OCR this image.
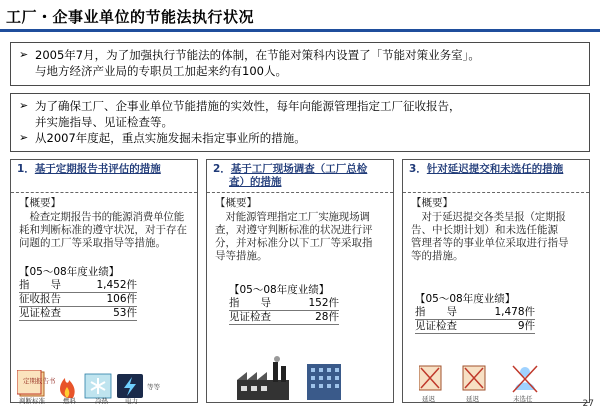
工厂・企事业单位的节能法执行状况
➢ 2005年7月，为了加强执行节能法的体制，在节能对策科内设置了「节能对策业务室」。
与地方经济产业局的专职员工加起来约有100人。
➢ 为了确保工厂、企事业单位节能措施的实效性，每年向能源管理指定工厂征收报告，
并实施指导、见证检查等。
➢ 从2007年度起，重点实施发掘未指定事业所的措施。
1．基于定期报告书评估的措施
【概要】
检查定期报告书的能源消费单位能
耗和判断标准的遵守状况，对于存在
问题的工厂等采取指导等措施。
【05～08年度业绩】
指　　导	1,452件
征收报告	106件
见证检查	53件
定期报告书
判断标准	燃料	冷热	电力
等等
2．基于工厂现场调查（工厂总检
查）的措施
【概要】
对能源管理指定工厂实施现场调
查，对遵守判断标准的状况进行评
分，并对标准分以下工厂等采取指
导等措施。
【05～08年度业绩】
指　　导	152件
见证检查	28件
3．针对延迟提交和未选任的措施
【概要】
对于延迟提交各类呈报（定期报
告、中长期计划）和未选任能源
管理者等的事业单位采取进行指导
等的措施。
【05～08年度业绩】
指　　导	1,478件
见证检查	9件
延迟	延迟	未选任	27
